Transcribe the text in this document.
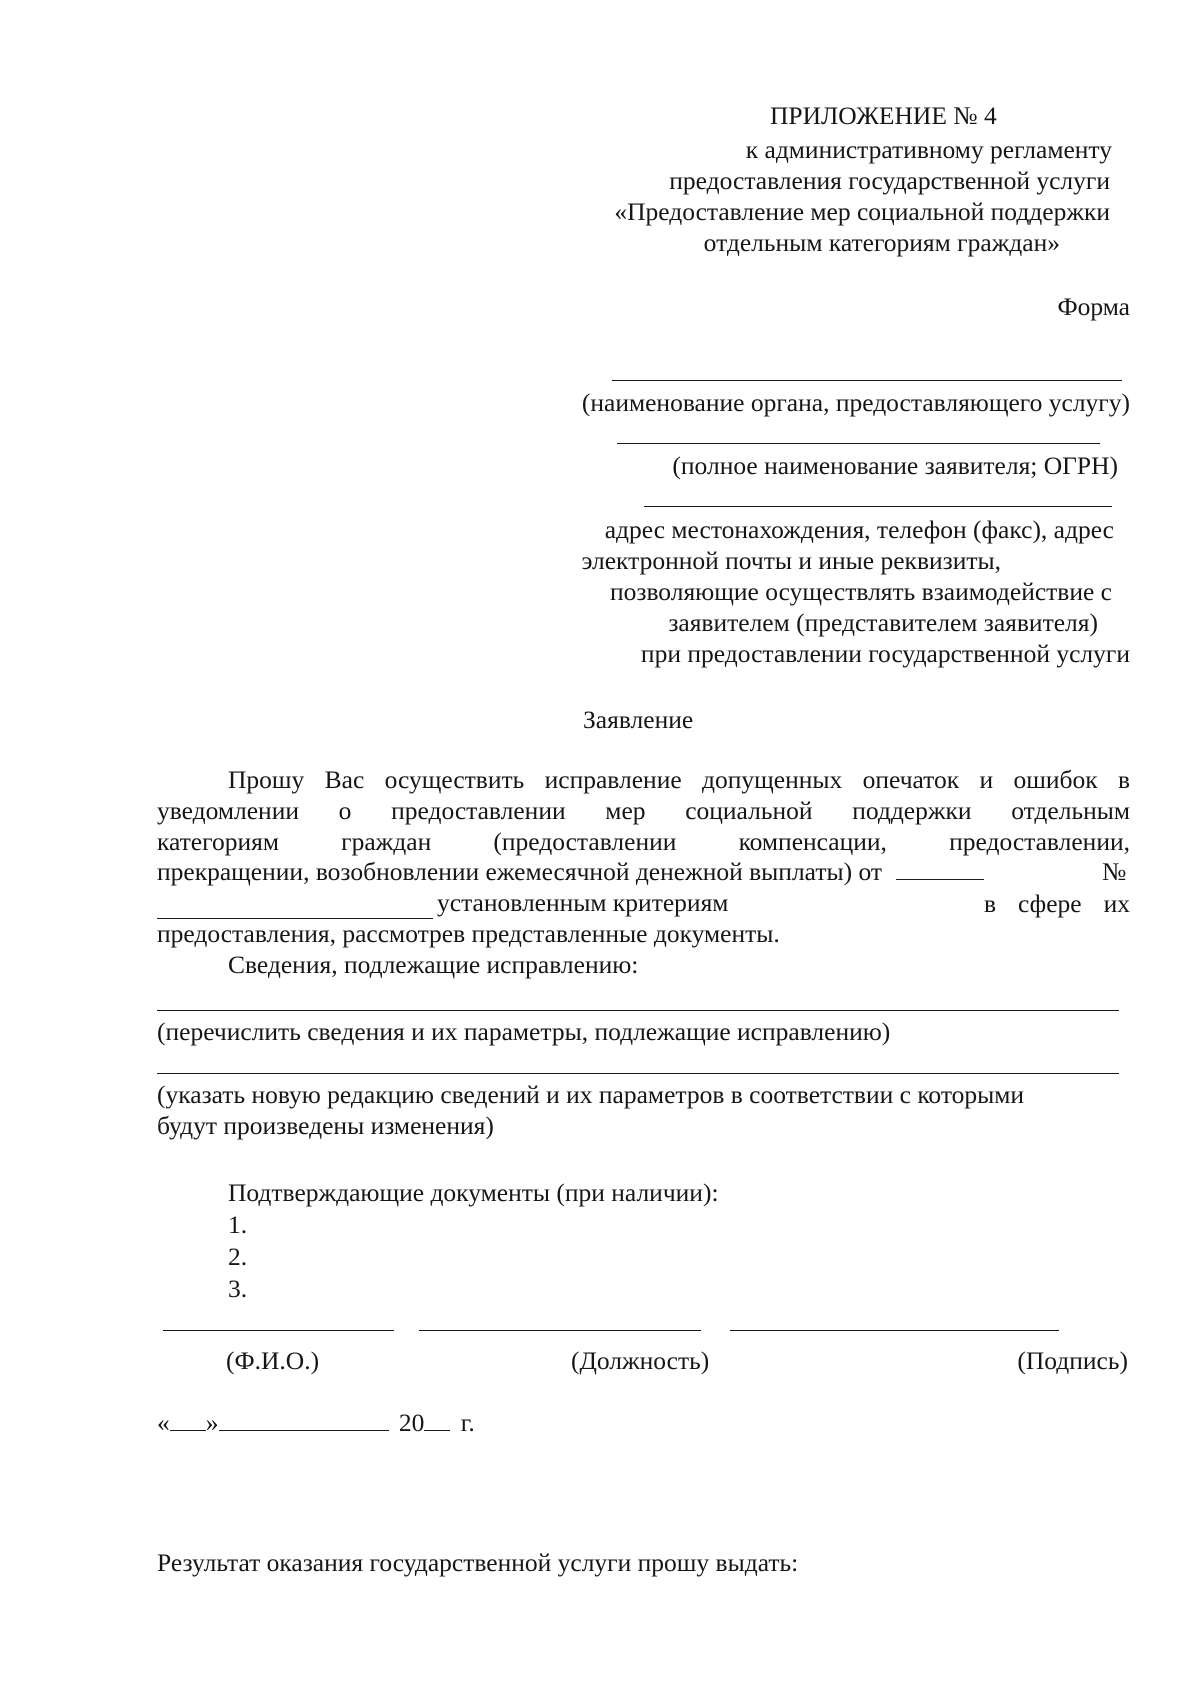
ПРИЛОЖЕНИЕ № 4
к административному регламенту
предоставления государственной услуги
«Предоставление мер социальной поддержки
отдельным категориям граждан»
Форма
(наименование органа, предоставляющего услугу)
(полное наименование заявителя; ОГРН)
адрес местонахождения, телефон (факс), адрес
электронной почты и иные реквизиты,
позволяющие осуществлять взаимодействие с
заявителем (представителем заявителя)
при предоставлении государственной услуги
Заявление
Прошу Вас осуществить исправление допущенных опечаток и ошибок в
уведомлении о предоставлении мер социальной поддержки отдельным
категориям граждан (предоставлении компенсации, предоставлении,
прекращении, возобновлении ежемесячной денежной выплаты) от	№
установленным критериям	в сфере их
предоставления, рассмотрев представленные документы.
Сведения, подлежащие исправлению:
(перечислить сведения и их параметры, подлежащие исправлению)
(указать новую редакцию сведений и их параметров в соответствии с которыми
будут произведены изменения)
Подтверждающие документы (при наличии):
1.
2.
3.
(Ф.И.О.)	(Должность)	(Подпись)
« »	20 г.
Результат оказания государственной услуги прошу выдать:
